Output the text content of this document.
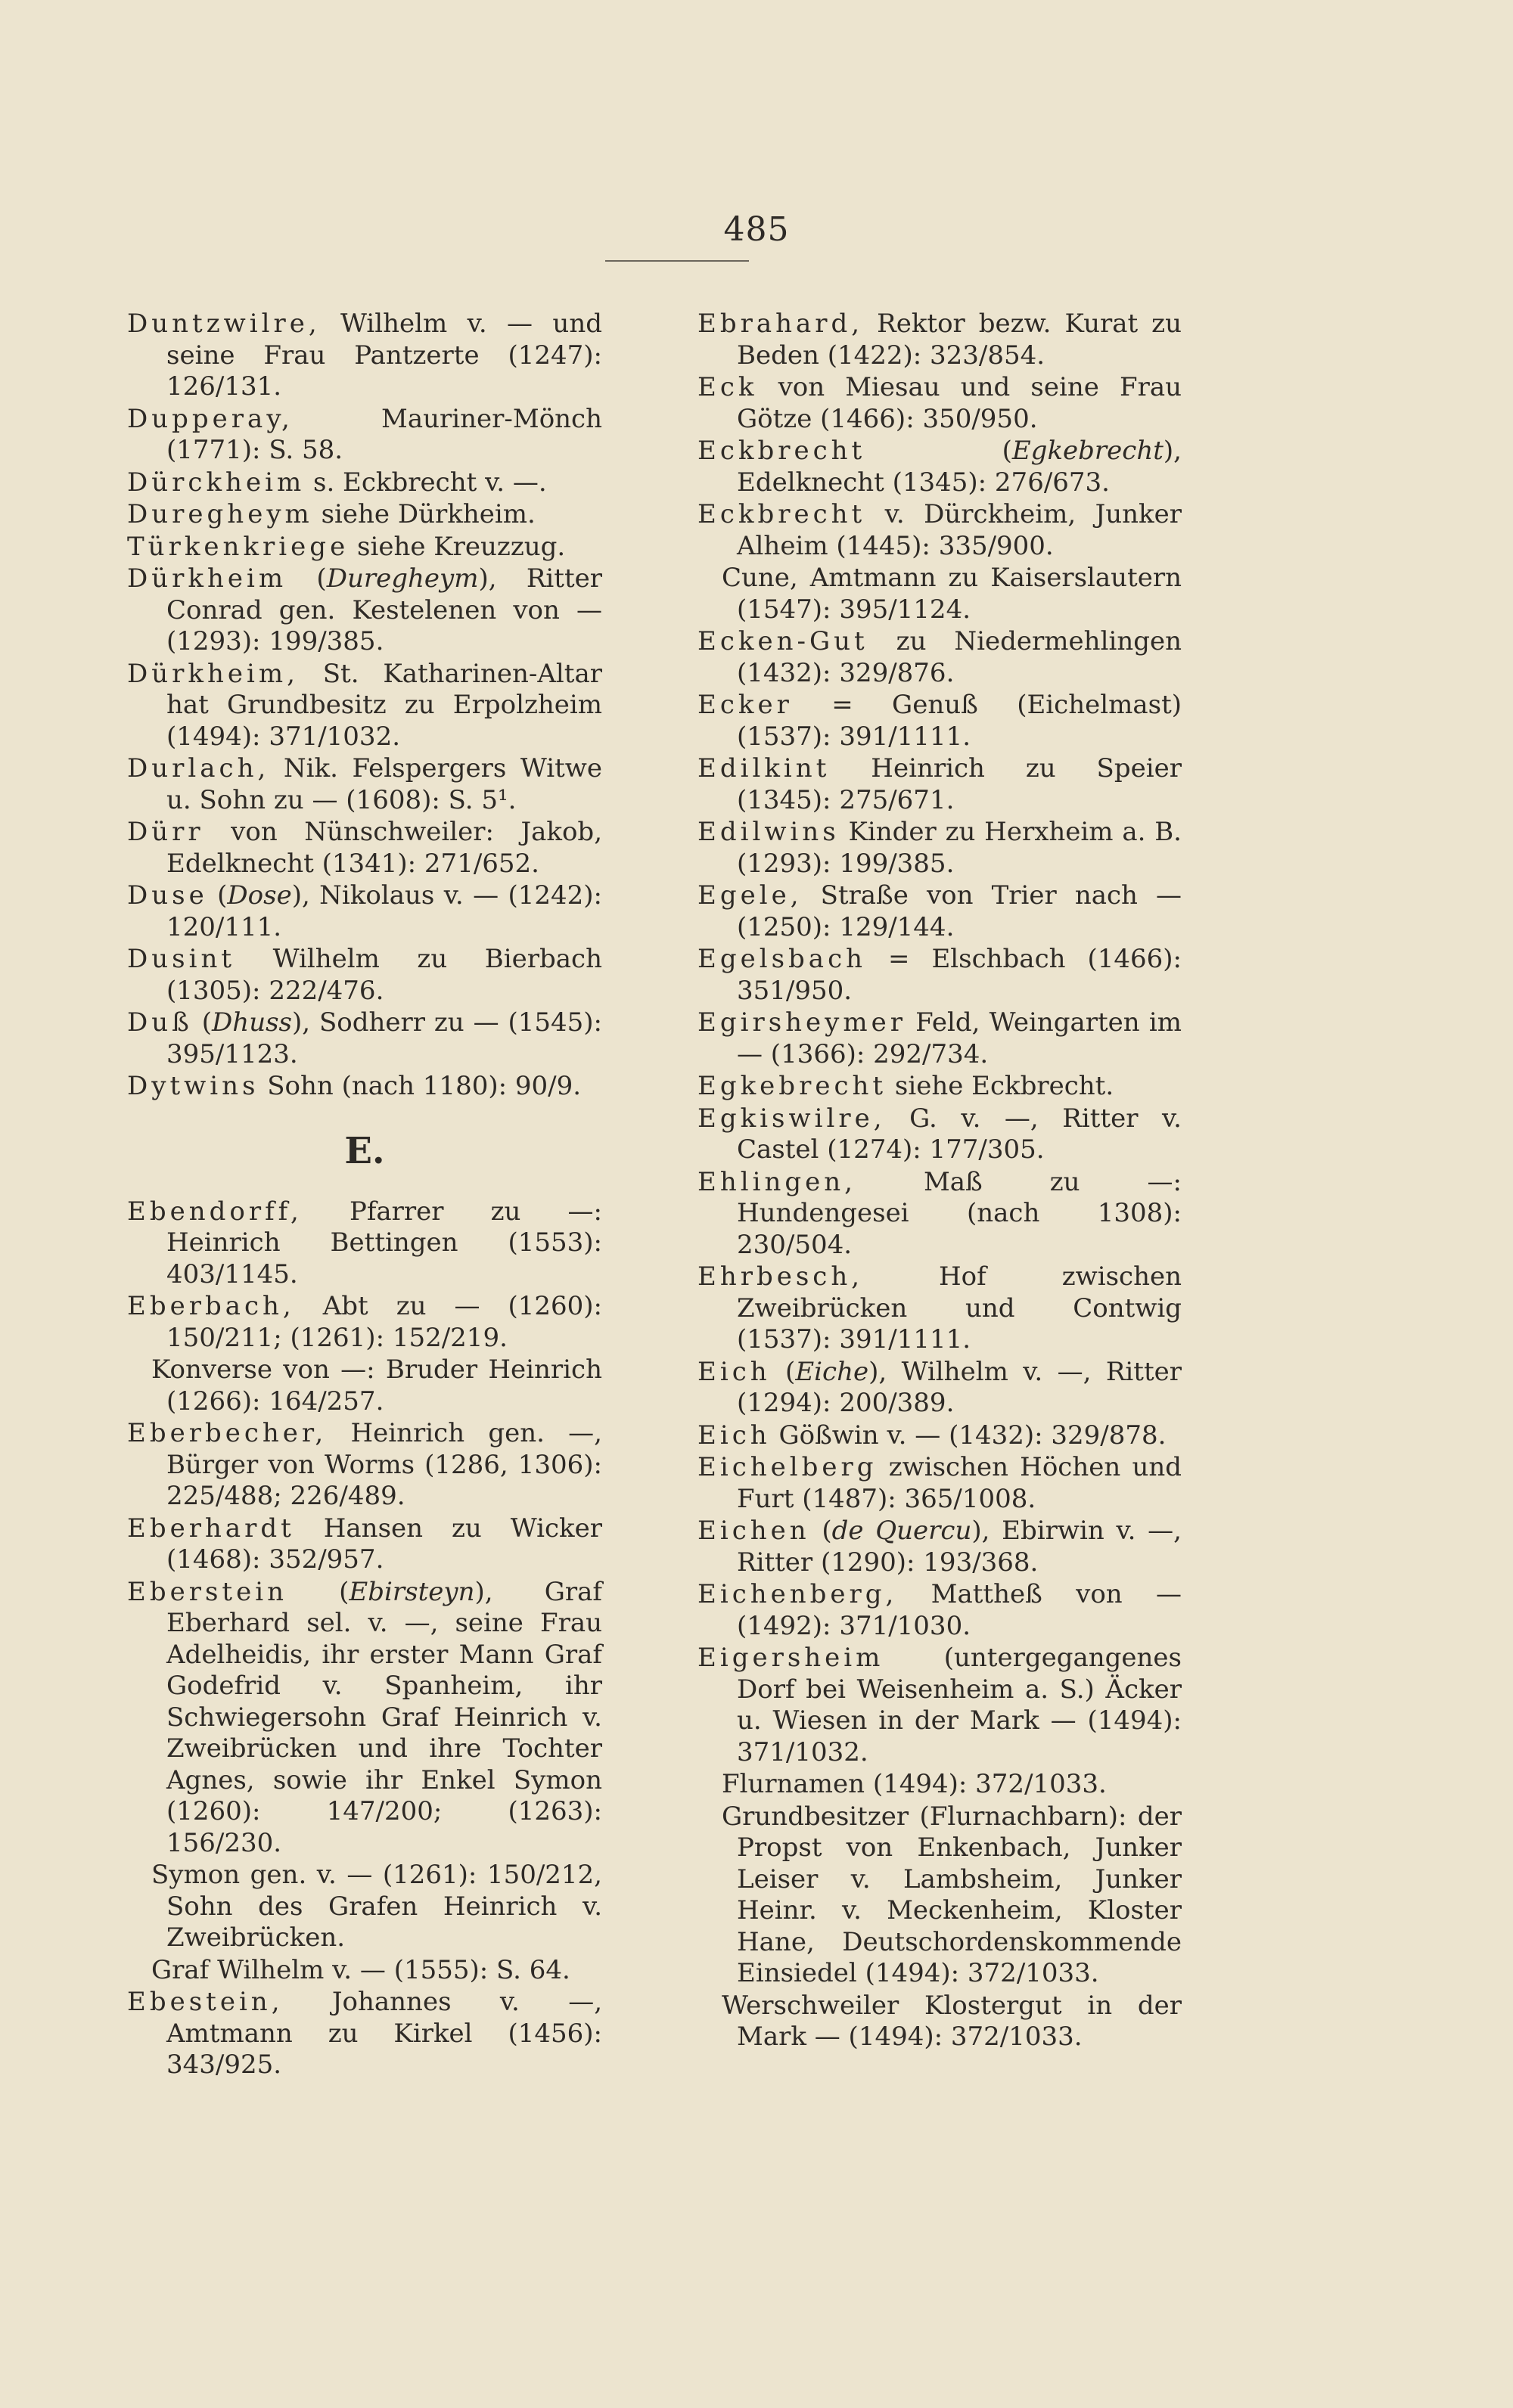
485
Duntzwilre, Wilhelm v. — und seine Frau Pantzerte (1247): 126/131.
Dupperay, Mauriner-Mönch (1771): S. 58.
Dürckheim s. Eckbrecht v. —.
Duregheym siehe Dürkheim.
Türkenkriege siehe Kreuzzug.
Dürkheim (Duregheym), Ritter Conrad gen. Kestelenen von — (1293): 199/385.
Dürkheim, St. Katharinen-Altar hat Grundbesitz zu Erpolzheim (1494): 371/1032.
Durlach, Nik. Felspergers Witwe u. Sohn zu — (1608): S. 5¹.
Dürr von Nünschweiler: Jakob, Edelknecht (1341): 271/652.
Duse (Dose), Nikolaus v. — (1242): 120/111.
Dusint Wilhelm zu Bierbach (1305): 222/476.
Duß (Dhuss), Sodherr zu — (1545): 395/1123.
Dytwins Sohn (nach 1180): 90/9.
E.
Ebendorff, Pfarrer zu —: Heinrich Bettingen (1553): 403/1145.
Eberbach, Abt zu — (1260): 150/211; (1261): 152/219.
Konverse von —: Bruder Heinrich (1266): 164/257.
Eberbecher, Heinrich gen. —, Bürger von Worms (1286, 1306): 225/488; 226/489.
Eberhardt Hansen zu Wicker (1468): 352/957.
Eberstein (Ebirsteyn), Graf Eberhard sel. v. —, seine Frau Adelheidis, ihr erster Mann Graf Godefrid v. Spanheim, ihr Schwiegersohn Graf Heinrich v. Zweibrücken und ihre Tochter Agnes, sowie ihr Enkel Symon (1260): 147/200; (1263): 156/230.
Symon gen. v. — (1261): 150/212, Sohn des Grafen Heinrich v. Zweibrücken.
Graf Wilhelm v. — (1555): S. 64.
Ebestein, Johannes v. —, Amtmann zu Kirkel (1456): 343/925.
Ebrahard, Rektor bezw. Kurat zu Beden (1422): 323/854.
Eck von Miesau und seine Frau Götze (1466): 350/950.
Eckbrecht (Egkebrecht), Edelknecht (1345): 276/673.
Eckbrecht v. Dürckheim, Junker Alheim (1445): 335/900.
Cune, Amtmann zu Kaiserslautern (1547): 395/1124.
Ecken-Gut zu Niedermehlingen (1432): 329/876.
Ecker = Genuß (Eichelmast) (1537): 391/1111.
Edilkint Heinrich zu Speier (1345): 275/671.
Edilwins Kinder zu Herxheim a. B. (1293): 199/385.
Egele, Straße von Trier nach — (1250): 129/144.
Egelsbach = Elschbach (1466): 351/950.
Egirsheymer Feld, Weingarten im — (1366): 292/734.
Egkebrecht siehe Eckbrecht.
Egkiswilre, G. v. —, Ritter v. Castel (1274): 177/305.
Ehlingen, Maß zu —: Hundengesei (nach 1308): 230/504.
Ehrbesch, Hof zwischen Zweibrücken und Contwig (1537): 391/1111.
Eich (Eiche), Wilhelm v. —, Ritter (1294): 200/389.
Eich Gößwin v. — (1432): 329/878.
Eichelberg zwischen Höchen und Furt (1487): 365/1008.
Eichen (de Quercu), Ebirwin v. —, Ritter (1290): 193/368.
Eichenberg, Mattheß von — (1492): 371/1030.
Eigersheim (untergegangenes Dorf bei Weisenheim a. S.) Äcker u. Wiesen in der Mark — (1494): 371/1032.
Flurnamen (1494): 372/1033.
Grundbesitzer (Flurnachbarn): der Propst von Enkenbach, Junker Leiser v. Lambsheim, Junker Heinr. v. Meckenheim, Kloster Hane, Deutschordenskommende Einsiedel (1494): 372/1033.
Werschweiler Klostergut in der Mark — (1494): 372/1033.
